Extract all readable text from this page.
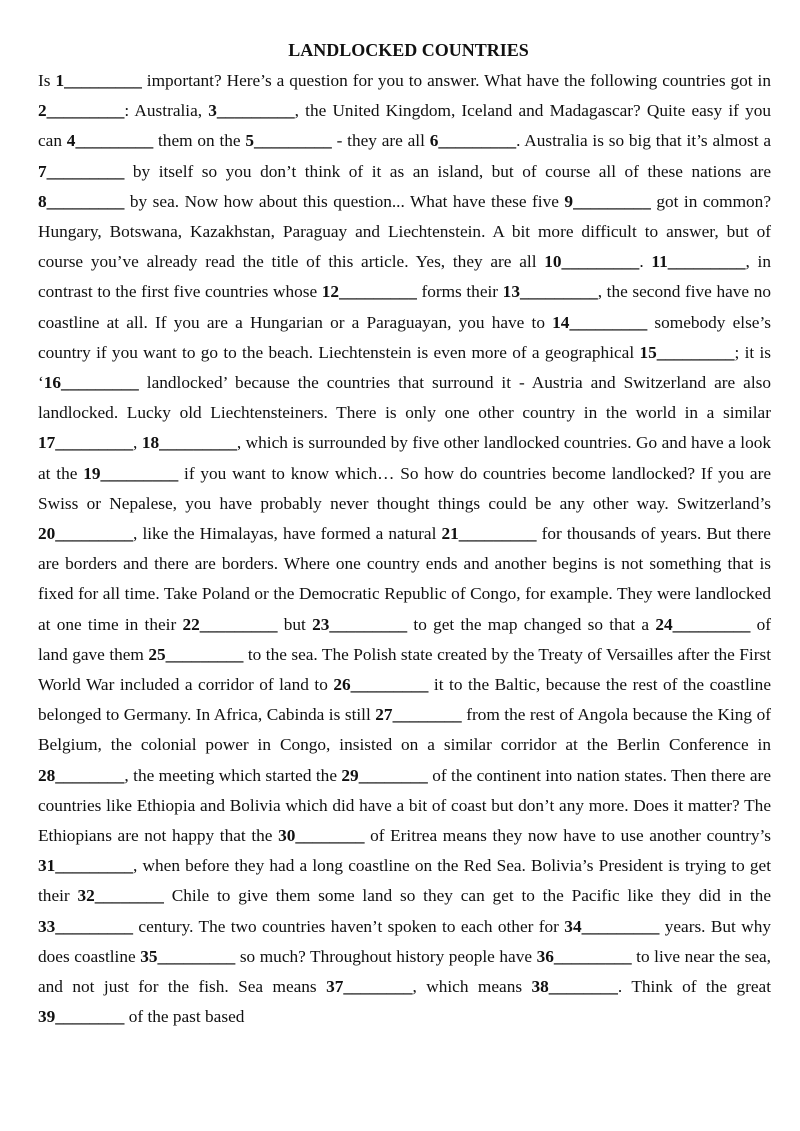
LANDLOCKED COUNTRIES

Is 1_________ important? Here’s a question for you to answer. What have the following countries got in 2_________: Australia, 3_________, the United Kingdom, Iceland and Madagascar? Quite easy if you can 4_________ them on the 5_________ - they are all 6_________. Australia is so big that it’s almost a 7_________ by itself so you don’t think of it as an island, but of course all of these nations are 8_________ by sea. Now how about this question... What have these five 9_________ got in common? Hungary, Botswana, Kazakhstan, Paraguay and Liechtenstein. A bit more difficult to answer, but of course you’ve already read the title of this article. Yes, they are all 10_________. 11_________, in contrast to the first five countries whose 12_________ forms their 13_________, the second five have no coastline at all. If you are a Hungarian or a Paraguayan, you have to 14_________ somebody else’s country if you want to go to the beach. Liechtenstein is even more of a geographical 15_________; it is ‘16_________ landlocked’ because the countries that surround it - Austria and Switzerland are also landlocked. Lucky old Liechtensteiners. There is only one other country in the world in a similar 17_________, 18_________, which is surrounded by five other landlocked countries. Go and have a look at the 19_________ if you want to know which… So how do countries become landlocked? If you are Swiss or Nepalese, you have probably never thought things could be any other way. Switzerland’s 20_________, like the Himalayas, have formed a natural 21_________ for thousands of years. But there are borders and there are borders. Where one country ends and another begins is not something that is fixed for all time. Take Poland or the Democratic Republic of Congo, for example. They were landlocked at one time in their 22_________ but 23_________ to get the map changed so that a 24_________ of land gave them 25_________ to the sea. The Polish state created by the Treaty of Versailles after the First World War included a corridor of land to 26_________ it to the Baltic, because the rest of the coastline belonged to Germany. In Africa, Cabinda is still 27________ from the rest of Angola because the King of Belgium, the colonial power in Congo, insisted on a similar corridor at the Berlin Conference in 28________, the meeting which started the 29________ of the continent into nation states. Then there are countries like Ethiopia and Bolivia which did have a bit of coast but don’t any more. Does it matter? The Ethiopians are not happy that the 30________ of Eritrea means they now have to use another country’s 31_________, when before they had a long coastline on the Red Sea. Bolivia’s President is trying to get their 32________ Chile to give them some land so they can get to the Pacific like they did in the 33_________ century. The two countries haven’t spoken to each other for 34_________ years. But why does coastline 35_________ so much? Throughout history people have 36_________ to live near the sea, and not just for the fish. Sea means 37________, which means 38________. Think of the great 39________ of the past based
